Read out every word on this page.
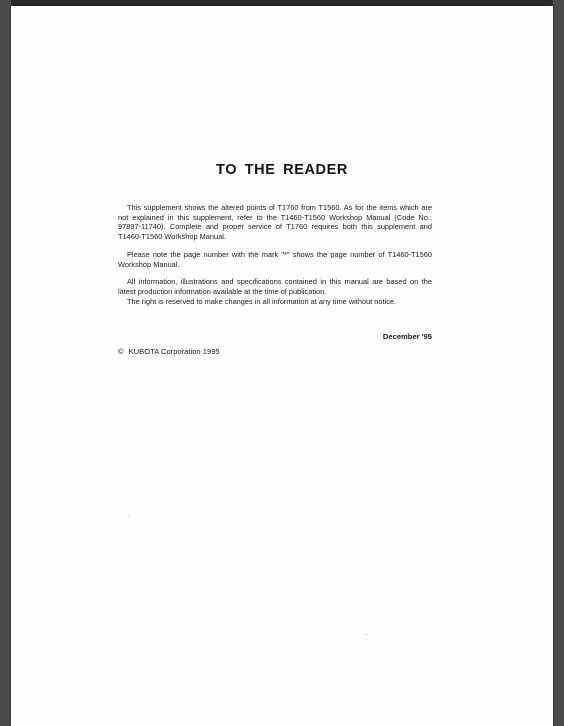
TO THE READER

This supplement shows the altered points of T1760 from T1560. As for the items which are not explained in this supplement, refer to the T1460-T1560 Workshop Manual (Code No.: 97897-11740). Complete and proper service of T1760 requires both this supplement and T1460-T1560 Workshop Manual.

Please note the page number with the mark "*" shows the page number of T1460-T1560 Workshop Manual.

All information, illustrations and specifications contained in this manual are based on the latest production information available at the time of publication.

The right is reserved to make changes in all information at any time without notice.

December '95
© KUBOTA Corporation 1995
